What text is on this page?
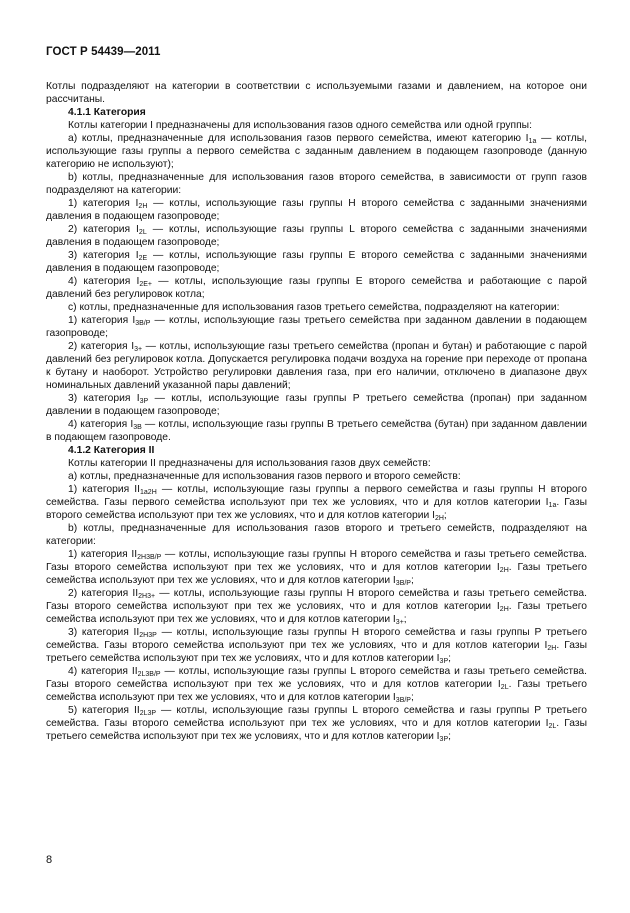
ГОСТ Р 54439—2011

Котлы подразделяют на категории в соответствии с используемыми газами и давлением, на которое они рассчитаны.

4.1.1 Категория

Котлы категории I предназначены для использования газов одного семейства или одной группы:

а) котлы, предназначенные для использования газов первого семейства, имеют категорию $I_{1a}$ — котлы, использующие газы группы а первого семейства с заданным давлением в подающем газопроводе (данную категорию не используют);

b) котлы, предназначенные для использования газов второго семейства, в зависимости от групп газов подразделяют на категории:

1) категория $I_{2H}$ — котлы, использующие газы группы Н второго семейства с заданными значениями давления в подающем газопроводе;

2) категория $I_{2L}$ — котлы, использующие газы группы L второго семейства с заданными значениями давления в подающем газопроводе;

3) категория $I_{2E}$ — котлы, использующие газы группы Е второго семейства с заданными значениями давления в подающем газопроводе;

4) категория $I_{2E+}$ — котлы, использующие газы группы Е второго семейства и работающие с парой давлений без регулировок котла;

с) котлы, предназначенные для использования газов третьего семейства, подразделяют на категории:

1) категория $I_{3B/P}$ — котлы, использующие газы третьего семейства при заданном давлении в подающем газопроводе;

2) категория $I_{3+}$ — котлы, использующие газы третьего семейства (пропан и бутан) и работающие с парой давлений без регулировок котла. Допускается регулировка подачи воздуха на горение при переходе от пропана к бутану и наоборот. Устройство регулировки давления газа, при его наличии, отключено в диапазоне двух номинальных давлений указанной пары давлений;

3) категория $I_{3P}$ — котлы, использующие газы группы Р третьего семейства (пропан) при заданном давлении в подающем газопроводе;

4) категория $I_{3B}$ — котлы, использующие газы группы В третьего семейства (бутан) при заданном давлении в подающем газопроводе.

4.1.2 Категория II

Котлы категории II предназначены для использования газов двух семейств:

а) котлы, предназначенные для использования газов первого и второго семейств:

1) категория $II_{1a2H}$ — котлы, использующие газы группы а первого семейства и газы группы Н второго семейства. Газы первого семейства используют при тех же условиях, что и для котлов категории $I_{1a}$. Газы второго семейства используют при тех же условиях, что и для котлов категории $I_{2H}$;

b) котлы, предназначенные для использования газов второго и третьего семейств, подразделяют на категории:

1) категория $II_{2H3B/P}$ — котлы, использующие газы группы Н второго семейства и газы третьего семейства. Газы второго семейства используют при тех же условиях, что и для котлов категории $I_{2H}$. Газы третьего семейства используют при тех же условиях, что и для котлов категории $I_{3B/P}$;

2) категория $II_{2H3+}$ — котлы, использующие газы группы Н второго семейства и газы третьего семейства. Газы второго семейства используют при тех же условиях, что и для котлов категории $I_{2H}$. Газы третьего семейства используют при тех же условиях, что и для котлов категории $I_{3+}$;

3) категория $II_{2H3P}$ — котлы, использующие газы группы Н второго семейства и газы группы Р третьего семейства. Газы второго семейства используют при тех же условиях, что и для котлов категории $I_{2H}$. Газы третьего семейства используют при тех же условиях, что и для котлов категории $I_{3P}$;

4) категория $II_{2L3B/P}$ — котлы, использующие газы группы L второго семейства и газы третьего семейства. Газы второго семейства используют при тех же условиях, что и для котлов категории $I_{2L}$. Газы третьего семейства используют при тех же условиях, что и для котлов категории $I_{3B/P}$;

5) категория $II_{2L3P}$ — котлы, использующие газы группы L второго семейства и газы группы Р третьего семейства. Газы второго семейства используют при тех же условиях, что и для котлов категории $I_{2L}$. Газы третьего семейства используют при тех же условиях, что и для котлов категории $I_{3P}$;

8
